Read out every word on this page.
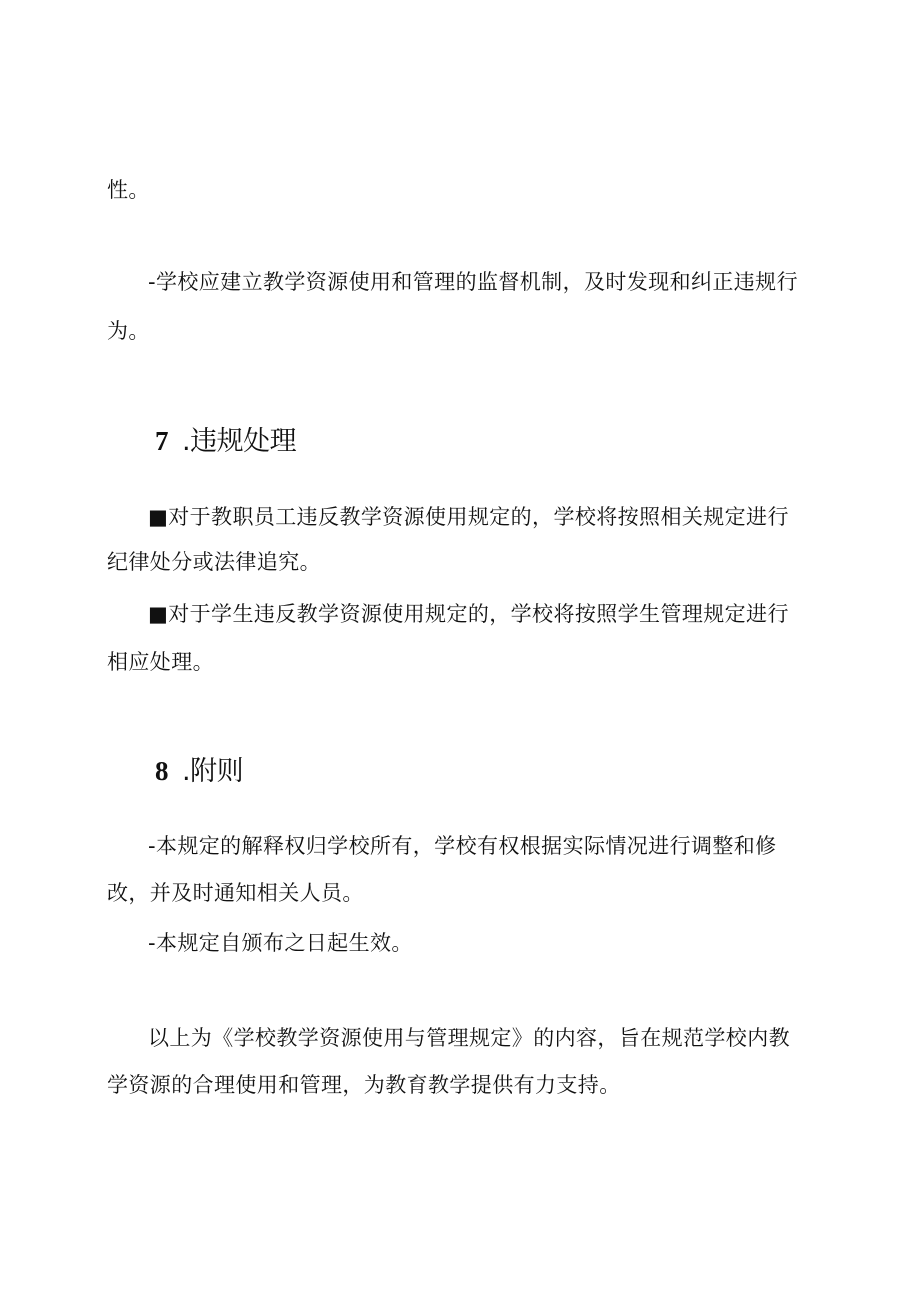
性。
-学校应建立教学资源使用和管理的监督机制，及时发现和纠正违规行
为。
7 .违规处理
■对于教职员工违反教学资源使用规定的，学校将按照相关规定进行
纪律处分或法律追究。
■对于学生违反教学资源使用规定的，学校将按照学生管理规定进行
相应处理。
8 .附则
-本规定的解释权归学校所有，学校有权根据实际情况进行调整和修
改，并及时通知相关人员。
-本规定自颁布之日起生效。
以上为《学校教学资源使用与管理规定》的内容，旨在规范学校内教
学资源的合理使用和管理，为教育教学提供有力支持。
